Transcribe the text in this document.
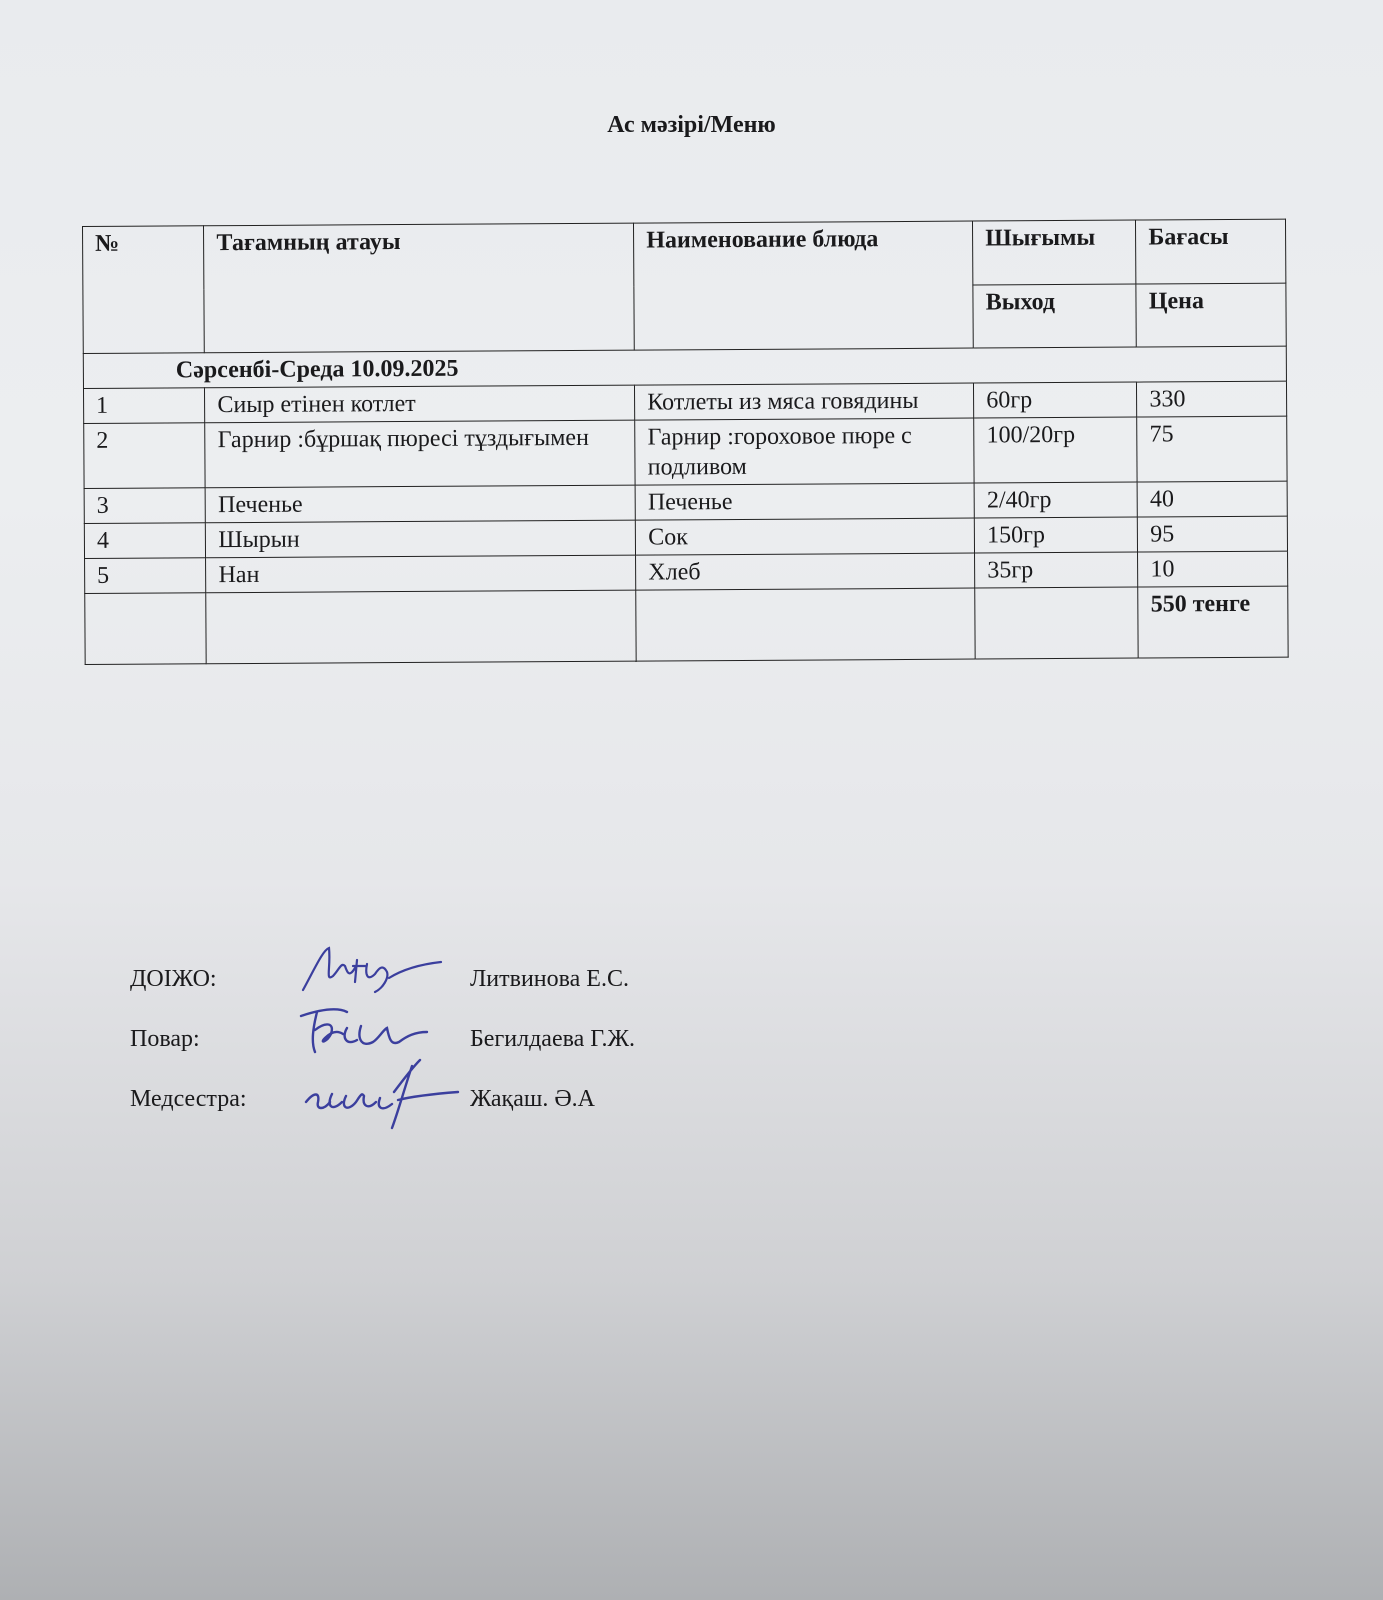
Ас мәзірі/Меню
№	Тағамның атауы	Наименование блюда	Шығымы	Бағасы
			Выход	Цена
Сәрсенбі-Среда 10.09.2025				
1	Сиыр етінен котлет	Котлеты из мяса говядины	60гр	330
2	Гарнир :бұршақ пюресі тұздығымен	Гарнир :гороховое пюре с подливом	100/20гр	75
3	Печенье	Печенье	2/40гр	40
4	Шырын	Сок	150гр	95
5	Нан	Хлеб	35гр	10
				550 тенге
ДОІЖО:	Литвинова Е.С.
Повар:	Бегилдаева Г.Ж.
Медсестра:	Жақаш. Ә.А
